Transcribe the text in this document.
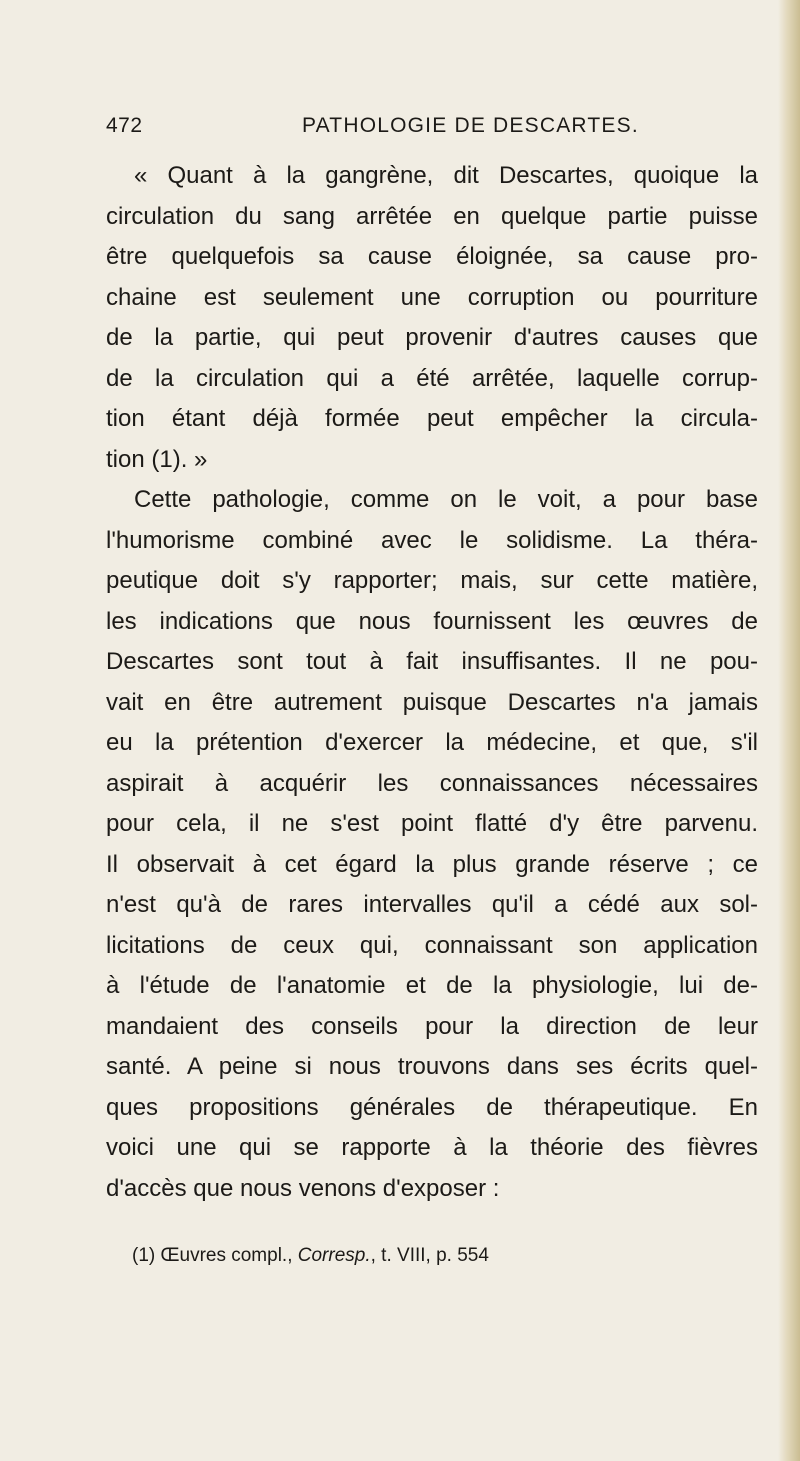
472	PATHOLOGIE DE DESCARTES.
« Quant à la gangrène, dit Descartes, quoique la
circulation du sang arrêtée en quelque partie puisse
être quelquefois sa cause éloignée, sa cause pro-
chaine est seulement une corruption ou pourriture
de la partie, qui peut provenir d'autres causes que
de la circulation qui a été arrêtée, laquelle corrup-
tion étant déjà formée peut empêcher la circula-
tion (1). »
Cette pathologie, comme on le voit, a pour base
l'humorisme combiné avec le solidisme. La théra-
peutique doit s'y rapporter; mais, sur cette matière,
les indications que nous fournissent les œuvres de
Descartes sont tout à fait insuffisantes. Il ne pou-
vait en être autrement puisque Descartes n'a jamais
eu la prétention d'exercer la médecine, et que, s'il
aspirait à acquérir les connaissances nécessaires
pour cela, il ne s'est point flatté d'y être parvenu.
Il observait à cet égard la plus grande réserve ; ce
n'est qu'à de rares intervalles qu'il a cédé aux sol-
licitations de ceux qui, connaissant son application
à l'étude de l'anatomie et de la physiologie, lui de-
mandaient des conseils pour la direction de leur
santé. A peine si nous trouvons dans ses écrits quel-
ques propositions générales de thérapeutique. En
voici une qui se rapporte à la théorie des fièvres
d'accès que nous venons d'exposer :
(1) Œuvres compl., Corresp., t. VIII, p. 554
